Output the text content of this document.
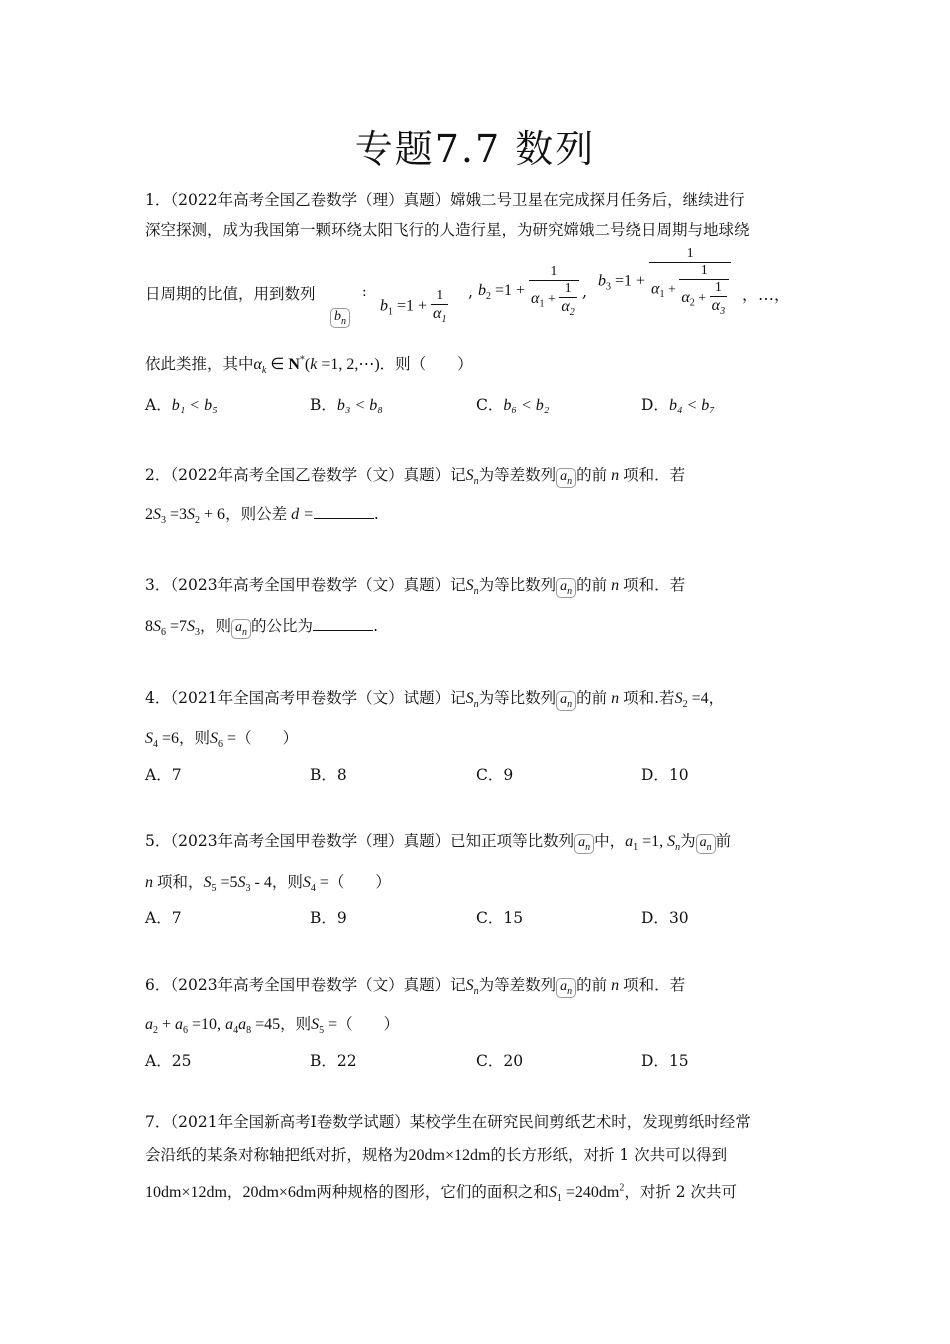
专题7.7 数列
1．（2022年高考全国乙卷数学（理）真题）嫦娥二号卫星在完成探月任务后，继续进行
深空探测，成为我国第一颗环绕太阳飞行的人造行星，为研究嫦娥二号绕日周期与地球绕
日周期的比值，用到数列
$b_n$
:
$b_1 =1 + \frac{1}{\alpha_1}$ , $b_2 =1 + \frac{1}{\alpha_1 + \frac{1}{\alpha_2}}$ ,
$b_3 =1 + \frac{1}{\alpha_1 + \frac{1}{\alpha_2 + \frac{1}{\alpha_3}}}$ ，…，
依此类推，其中$\alpha_k$ ∈ N*(k =1, 2,⋯)．则（　　）
A．b₁ < b₅	B．b₃ < b₈	C．b₆ < b₂	D．b₄ < b₇
2．（2022年高考全国乙卷数学（文）真题）记$S_n$为等差数列 $a_n$ 的前 n 项和．若
$2S_3 =3S_2 + 6$，则公差 d =	.
3．（2023年高考全国甲卷数学（文）真题）记$S_n$为等比数列 $a_n$ 的前 n 项和．若
$8S_6 =7S_3$，则 $a_n$ 的公比为	.
4．（2021年全国高考甲卷数学（文）试题）记$S_n$为等比数列 $a_n$ 的前 n 项和.若$S_2 =4$，
$S_4 =6$，则$S_6$ =（　　）
A．7	B．8	C．9	D．10
5．（2023年高考全国甲卷数学（理）真题）已知正项等比数列 $a_n$ 中，$a_1 =1$, $S_n$为 $a_n$ 前
n 项和，$S_5 =5S_3 - 4$，则$S_4$ =（　　）
A．7	B．9	C．15	D．30
6．（2023年高考全国甲卷数学（文）真题）记$S_n$为等差数列 $a_n$ 的前 n 项和．若
$a_2 + a_6 =10$, $a_4a_8 =45$，则$S_5$ =（　　）
A．25	B．22	C．20	D．15
7．（2021年全国新高考I卷数学试题）某校学生在研究民间剪纸艺术时，发现剪纸时经常
会沿纸的某条对称轴把纸对折，规格为20dm×12dm的长方形纸，对折 1 次共可以得到
10dm×12dm，20dm×6dm两种规格的图形，它们的面积之和$S_1 =240dm^2$，对折 2 次共可
